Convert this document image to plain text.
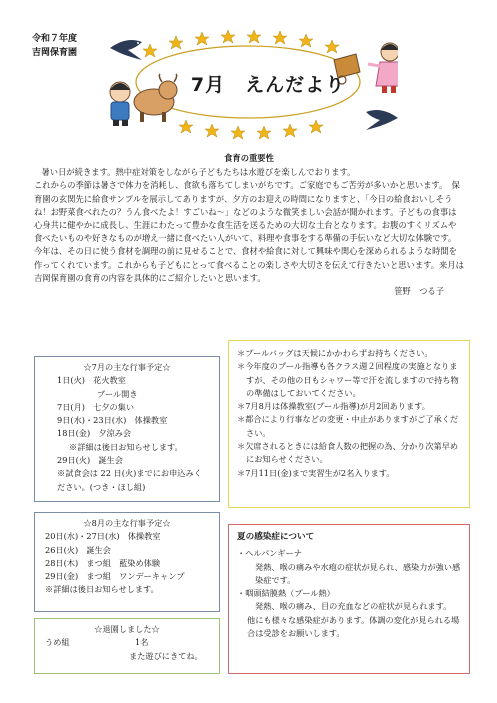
令和７年度
吉岡保育園
7月　えんだより
食育の重要性

暑い日が続きます。熱中症対策をしながら子どもたちは水遊びを楽しんでおります。

これからの季節は暑さで体力を消耗し、食欲も落ちてしまいがちです。ご家庭でもご苦労が多いかと思います。　保育園の玄関先に給食サンプルを展示してありますが、夕方のお迎えの時間になりますと、「今日の給食おいしそうね！お野菜食べれたの？うん食べたよ！すごいね～」などのような微笑ましい会話が聞かれます。子どもの食事は心身共に健やかに成長し、生涯にわたって豊かな食生活を送るための大切な土台となります。お腹のすくリズムや食べたいものや好きなものが増え一緒に食べたい人がいて、料理や食事をする準備の手伝いなど大切な体験です。

今年は、その日に使う食材を調理の前に見せることで、食材や給食に対して興味や関心を深められるような時間を作ってくれています。これからも子どもにとって食べることの楽しさや大切さを伝えて行きたいと思います。来月は吉岡保育園の食育の内容を具体的にご紹介したいと思います。

笹野　つる子
☆7月の主な行事予定☆
1日(火)　花火教室
プール開き
7日(月)　七夕の集い
9日(水)・23日(水)　体操教室
18日(金)　夕涼み会
※詳細は後日お知らせします。
29日(火)　誕生会
※試食会は 22 日(火)までにお申込みください。(つき・ほし組)
＊プールバッグは天候にかかわらずお持ちください。
＊今年度のプール指導も各クラス週２回程度の実施となりますが、その他の日もシャワー等で汗を流しますので持ち物の準備はしておいてください。
＊7月8月は体操教室(プール指導)が月2回あります。
＊都合により行事などの変更・中止がありますがご了承ください。
＊欠席されるときには給食人数の把握の為、分かり次第早めにお知らせください。
＊7月11日(金)まで実習生が2名入ります。
☆8月の主な行事予定☆
20日(水)・27日(水)　体操教室
26日(火)　誕生会
28日(木)　まつ組　藍染め体験
29日(金)　まつ組　ワンデーキャンプ
※詳細は後日お知らせします。
夏の感染症について
・ヘルパンギーナ
発熱、喉の痛みや水疱の症状が見られ、感染力が強い感染症です。
・咽頭結膜熱（プール熱）
発熱、喉の痛み、目の充血などの症状が見られます。
他にも様々な感染症があります。体調の変化が見られる場合は受診をお願いします。
☆退園しました☆
うめ組	1名
また遊びにきてね。
